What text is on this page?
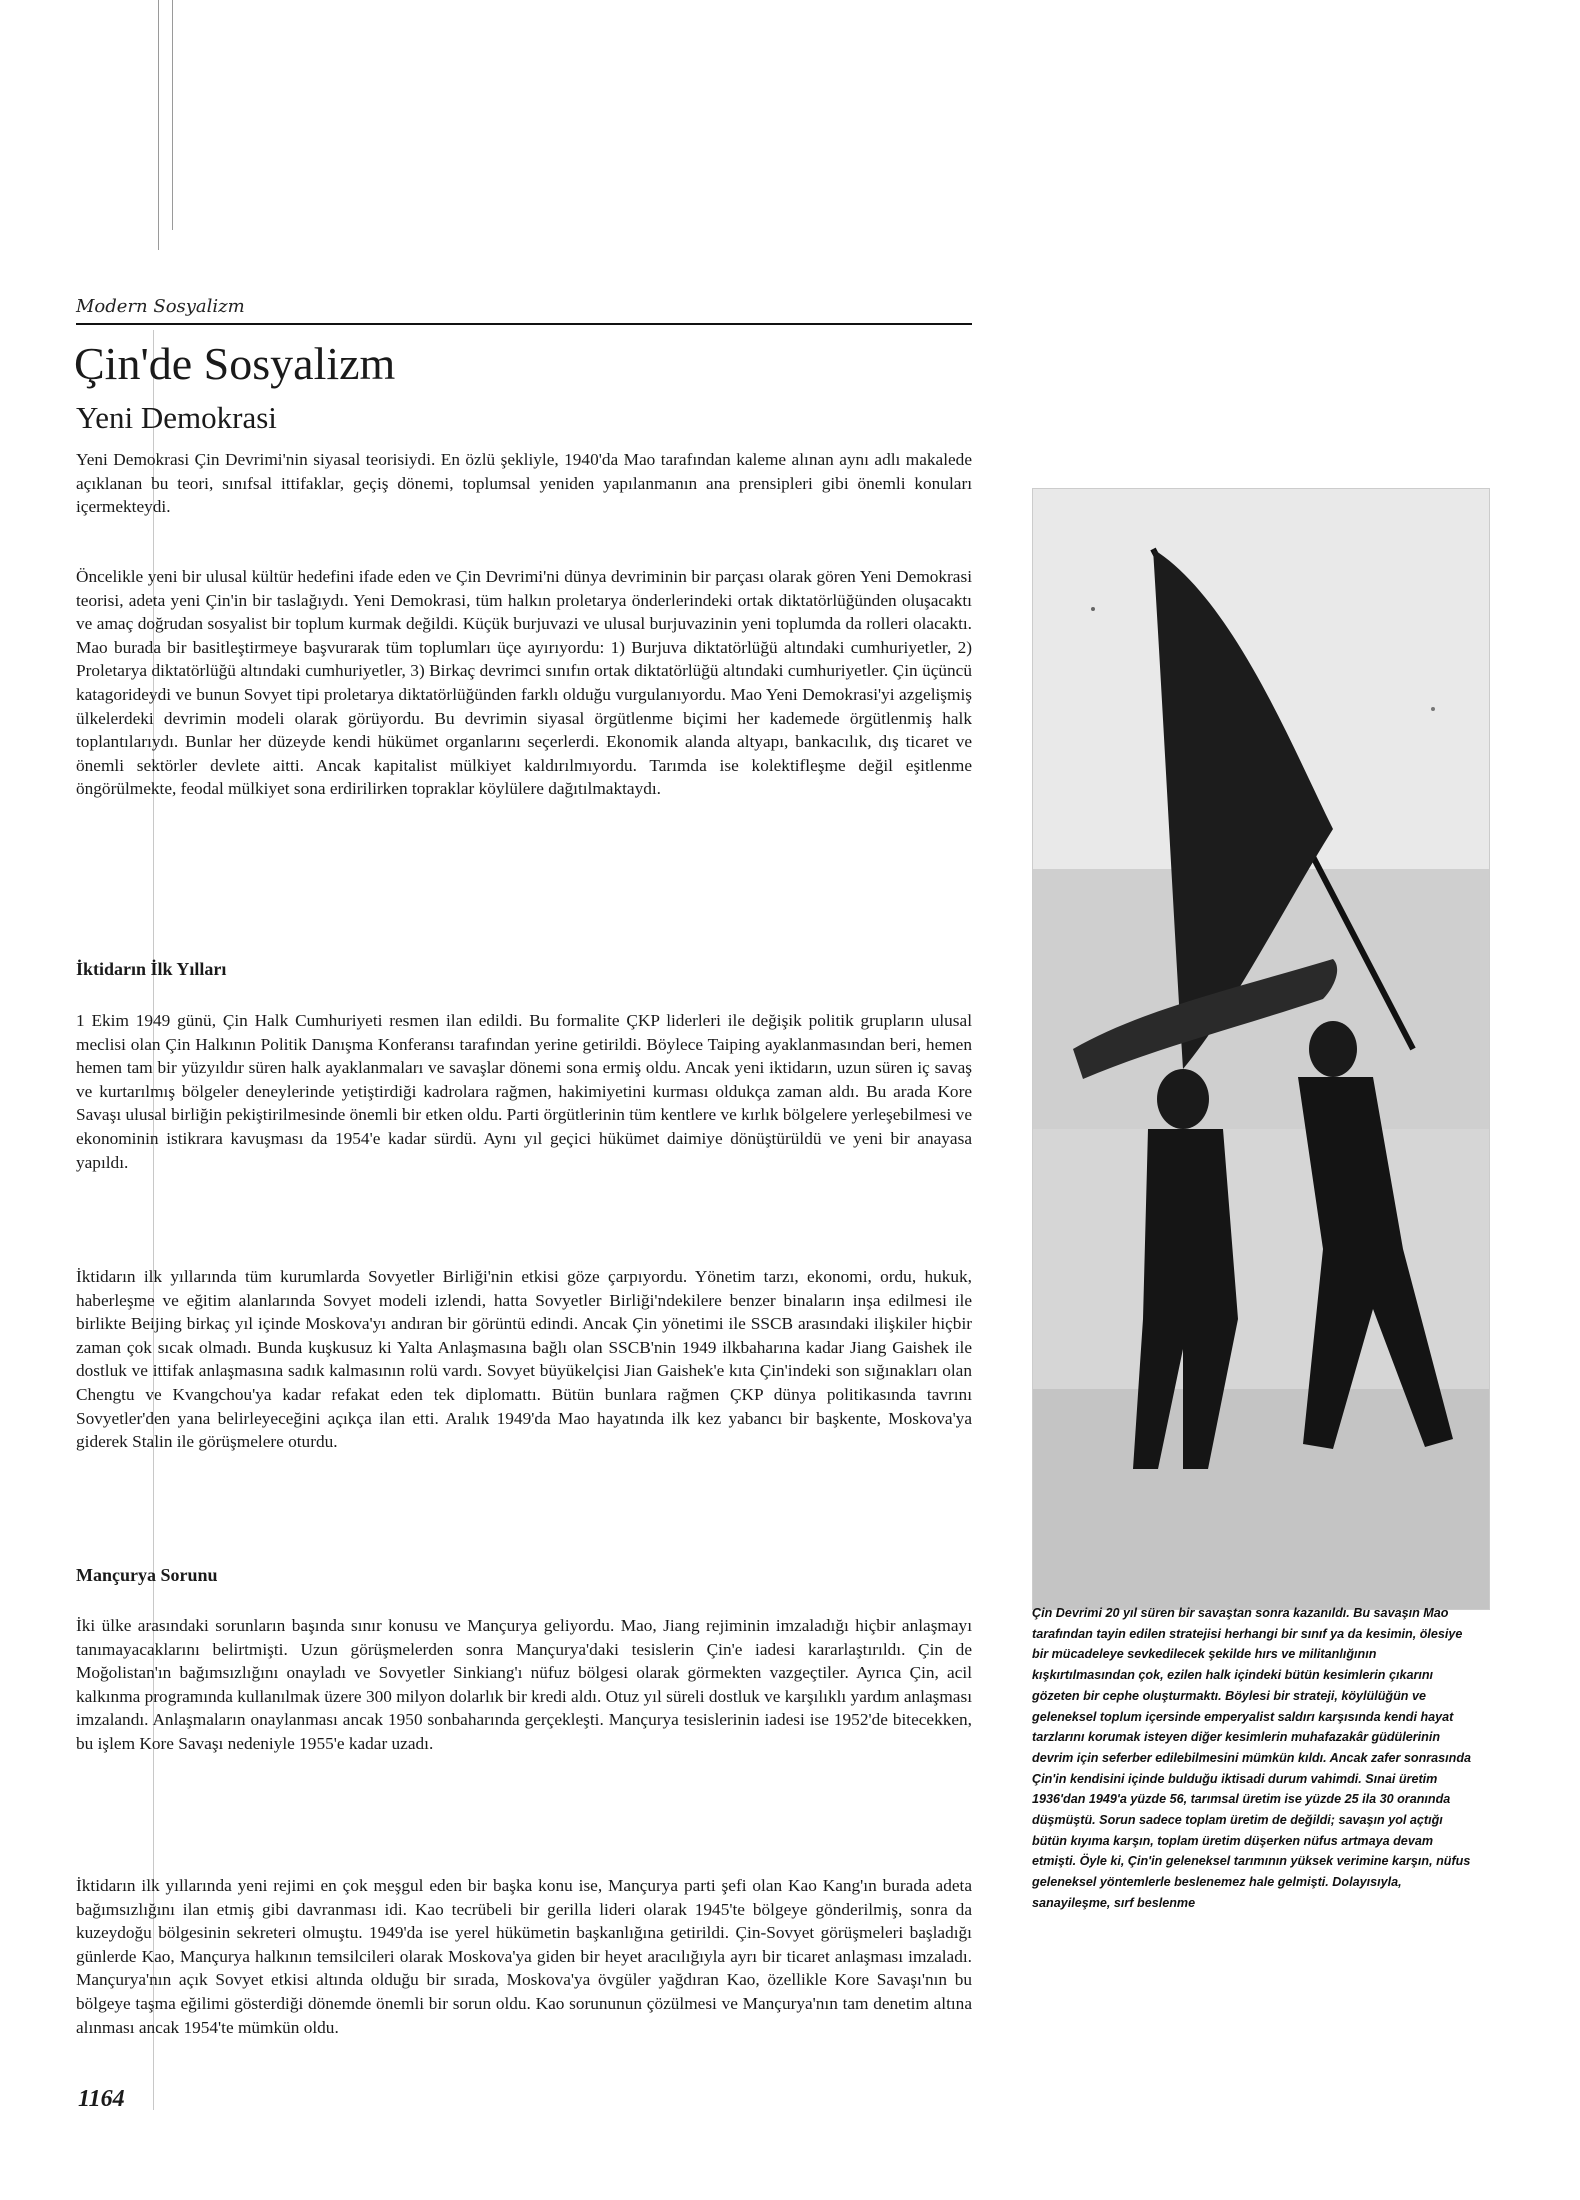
Modern Sosyalizm
Çin'de Sosyalizm
Yeni Demokrasi

Yeni Demokrasi Çin Devrimi'nin siyasal teorisiydi. En özlü şekliyle, 1940'da Mao tarafından kaleme alınan aynı adlı makalede açıklanan bu teori, sınıfsal ittifaklar, geçiş dönemi, toplumsal yeniden yapılanmanın ana prensipleri gibi önemli konuları içermekteydi.

Önceliklе yeni bir ulusal kültür hedefini ifade eden ve Çin Devrimi'ni dünya devriminin bir parçası olarak gören Yeni Demokrasi teorisi, adeta yeni Çin'in bir taslağıydı. Yeni Demokrasi, tüm halkın proletarya önderlerindeki ortak diktatörlüğünden oluşacaktı ve amaç doğrudan sosyalist bir toplum kurmak değildi. Küçük burjuvazi ve ulusal burjuvazinin yeni toplumda da rolleri olacaktı. Mao burada bir basitleştirmeye başvurarak tüm toplumları üçe ayırıyordu: 1) Burjuva diktatörlüğü altındaki cumhuriyetler, 2) Proletarya diktatörlüğü altındaki cumhuriyetler, 3) Birkaç devrimci sınıfın ortak diktatörlüğü altındaki cumhuriyetler. Çin üçüncü katagorideydi ve bunun Sovyet tipi proletarya diktatörlüğünden farklı olduğu vurgulanıyordu. Mao Yeni Demokrasi'yi azgelişmiş ülkelerdeki devrimin modeli olarak görüyordu. Bu devrimin siyasal örgütlenme biçimi her kademede örgütlenmiş halk toplantılarıydı. Bunlar her düzeyde kendi hükümet organlarını seçerlerdi. Ekonomik alanda altyapı, bankacılık, dış ticaret ve önemli sektörler devlete aitti. Ancak kapitalist mülkiyet kaldırılmıyordu. Tarımda ise kolektifleşme değil eşitlenme öngörülmekte, feodal mülkiyet sona erdirilirken topraklar köylülere dağıtılmaktaydı.

İktidarın İlk Yılları

1 Ekim 1949 günü, Çin Halk Cumhuriyeti resmen ilan edildi. Bu formalite ÇKP liderleri ile değişik politik grupların ulusal meclisi olan Çin Halkının Politik Danışma Konferansı tarafından yerine getirildi. Böylece Taiping ayaklanmasından beri, hemen hemen tam bir yüzyıldır süren halk ayaklanmaları ve savaşlar dönemi sona ermiş oldu. Ancak yeni iktidarın, uzun süren iç savaş ve kurtarılmış bölgeler deneylerinde yetiştirdiği kadrolara rağmen, hakimiyetini kurması oldukça zaman aldı. Bu arada Kore Savaşı ulusal birliğin pekiştirilmesinde önemli bir etken oldu. Parti örgütlerinin tüm kentlere ve kırlık bölgelere yerleşebilmesi ve ekonominin istikrara kavuşması da 1954'e kadar sürdü. Aynı yıl geçici hükümet daimiye dönüştürüldü ve yeni bir anayasa yapıldı.

İktidarın ilk yıllarında tüm kurumlarda Sovyetler Birliği'nin etkisi göze çarpıyordu. Yönetim tarzı, ekonomi, ordu, hukuk, haberleşme ve eğitim alanlarında Sovyet modeli izlendi, hatta Sovyetler Birliği'ndekilere benzer binaların inşa edilmesi ile birlikte Beijing birkaç yıl içinde Moskova'yı andıran bir görüntü edindi. Ancak Çin yönetimi ile SSCB arasındaki ilişkiler hiçbir zaman çok sıcak olmadı. Bunda kuşkusuz ki Yalta Anlaşmasına bağlı olan SSCB'nin 1949 ilkbaharına kadar Jiang Gaishek ile dostluk ve ittifak anlaşmasına sadık kalmasının rolü vardı. Sovyet büyükelçisi Jian Gaishek'e kıta Çin'indeki son sığınakları olan Chengtu ve Kvangchou'ya kadar refakat eden tek diplomattı. Bütün bunlara rağmen ÇKP dünya politikasında tavrını Sovyetler'den yana belirleyeceğini açıkça ilan etti. Aralık 1949'da Mao hayatında ilk kez yabancı bir başkente, Moskova'ya giderek Stalin ile görüşmelere oturdu.

Mançurya Sorunu

İki ülke arasındaki sorunların başında sınır konusu ve Mançurya geliyordu. Mao, Jiang rejiminin imzaladığı hiçbir anlaşmayı tanımayacaklarını belirtmişti. Uzun görüşmelerden sonra Mançurya'daki tesislerin Çin'e iadesi kararlaştırıldı. Çin de Moğolistan'ın bağımsızlığını onayladı ve Sovyetler Sinkiang'ı nüfuz bölgesi olarak görmekten vazgeçtiler. Ayrıca Çin, acil kalkınma programında kullanılmak üzere 300 milyon dolarlık bir kredi aldı. Otuz yıl süreli dostluk ve karşılıklı yardım anlaşması imzalandı. Anlaşmaların onaylanması ancak 1950 sonbaharında gerçekleşti. Mançurya tesislerinin iadesi ise 1952'de bitecekken, bu işlem Kore Savaşı nedeniyle 1955'e kadar uzadı.

İktidarın ilk yıllarında yeni rejimi en çok meşgul eden bir başka konu ise, Mançurya parti şefi olan Kao Kang'ın burada adeta bağımsızlığını ilan etmiş gibi davranması idi. Kao tecrübeli bir gerilla lideri olarak 1945'te bölgeye gönderilmiş, sonra da kuzeydoğu bölgesinin sekreteri olmuştu. 1949'da ise yerel hükümetin başkanlığına getirildi. Çin-Sovyet görüşmeleri başladığı günlerde Kao, Mançurya halkının temsilcileri olarak Moskova'ya giden bir heyet aracılığıyla ayrı bir ticaret anlaşması imzaladı. Mançurya'nın açık Sovyet etkisi altında olduğu bir sırada, Moskova'ya övgüler yağdıran Kao, özellikle Kore Savaşı'nın bu bölgeye taşma eğilimi gösterdiği dönemde önemli bir sorun oldu. Kao sorununun çözülmesi ve Mançurya'nın tam denetim altına alınması ancak 1954'te mümkün oldu.

Çin Devrimi 20 yıl süren bir savaştan sonra kazanıldı. Bu savaşın Mao tarafından tayin edilen stratejisi herhangi bir sınıf ya da kesimin, ölesiye bir mücadeleye sevkedilecek şekilde hırs ve militanlığının kışkırtılmasından çok, ezilen halk içindeki bütün kesimlerin çıkarını gözeten bir cephe oluşturmaktı. Böylesi bir strateji, köylülüğün ve geleneksel toplum içersinde emperyalist saldırı karşısında kendi hayat tarzlarını korumak isteyen diğer kesimlerin muhafazakâr güdülerinin devrim için seferber edilebilmesini mümkün kıldı. Ancak zafer sonrasında Çin'in kendisini içinde bulduğu iktisadi durum vahimdi. Sınai üretim 1936'dan 1949'a yüzde 56, tarımsal üretim ise yüzde 25 ila 30 oranında düşmüştü. Sorun sadece toplam üretim de değildi; savaşın yol açtığı bütün kıyıma karşın, toplam üretim düşerken nüfus artmaya devam etmişti. Öyle ki, Çin'in geleneksel tarımının yüksek verimine karşın, nüfus geleneksel yöntemlerle beslenemez hale gelmişti. Dolayısıyla, sanayileşme, sırf beslenme

1164
